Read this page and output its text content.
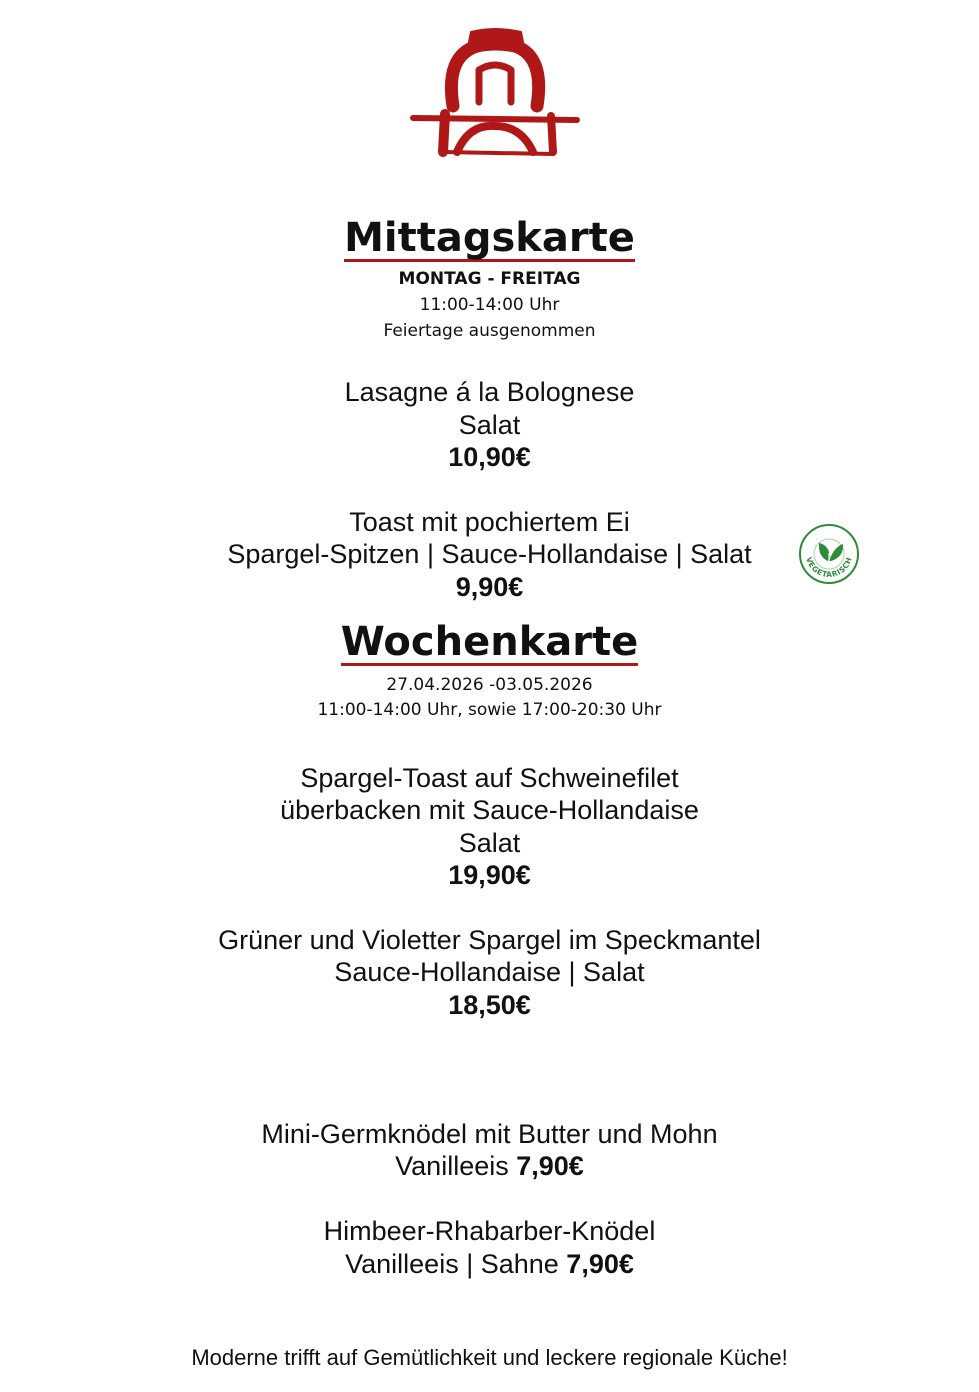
Mittagskarte
MONTAG - FREITAG
11:00-14:00 Uhr
Feiertage ausgenommen
Lasagne á la Bolognese
Salat
10,90€
Toast mit pochiertem Ei
Spargel-Spitzen | Sauce-Hollandaise | Salat
9,90€
VEGETARISCH
Wochenkarte
27.04.2026 -03.05.2026
11:00-14:00 Uhr, sowie 17:00-20:30 Uhr
Spargel-Toast auf Schweinefilet
überbacken mit Sauce-Hollandaise
Salat
19,90€
Grüner und Violetter Spargel im Speckmantel
Sauce-Hollandaise | Salat
18,50€
Mini-Germknödel mit Butter und Mohn
Vanilleeis 7,90€
Himbeer-Rhabarber-Knödel
Vanilleeis | Sahne 7,90€
Moderne trifft auf Gemütlichkeit und leckere regionale Küche!
